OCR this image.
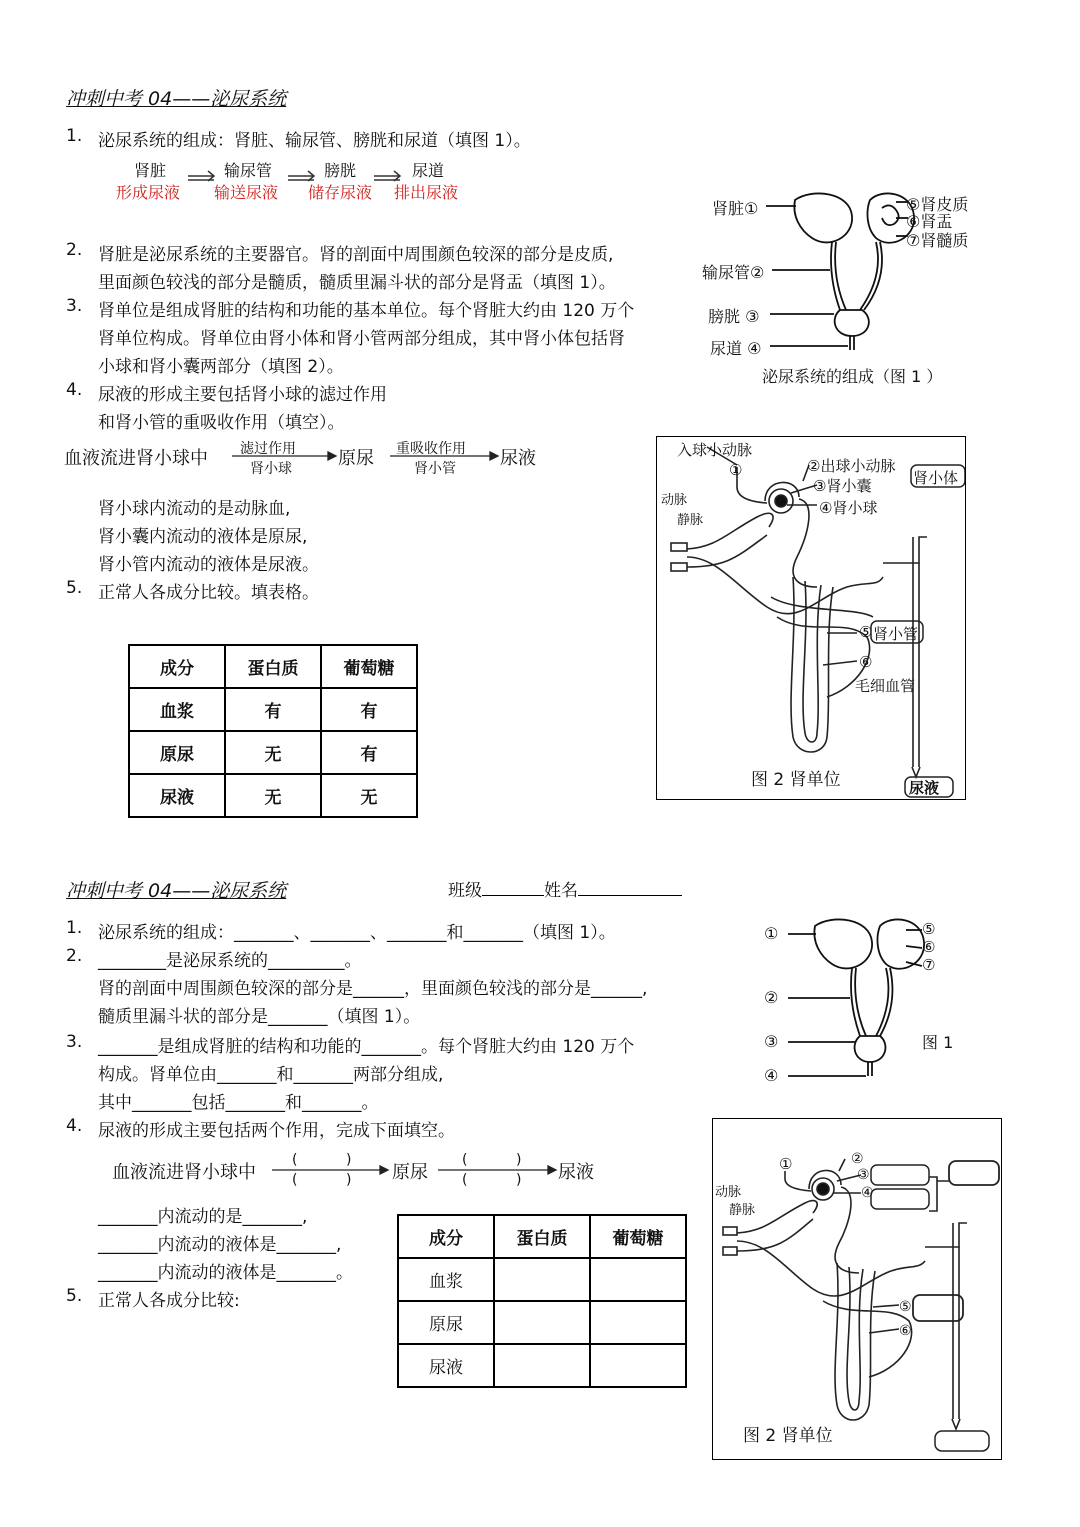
冲刺中考 04——泌尿系统
1. 泌尿系统的组成：肾脏、输尿管、膀胱和尿道（填图 1）。
肾脏	输尿管	膀胱	尿道
形成尿液 输送尿液 储存尿液 排出尿液
2. 肾脏是泌尿系统的主要器官。肾的剖面中周围颜色较深的部分是皮质,
里面颜色较浅的部分是髓质，髓质里漏斗状的部分是肾盂（填图 1）。
3. 肾单位是组成肾脏的结构和功能的基本单位。每个肾脏大约由 120 万个
肾单位构成。肾单位由肾小体和肾小管两部分组成，其中肾小体包括肾
小球和肾小囊两部分（填图 2）。
4. 尿液的形成主要包括肾小球的滤过作用
和肾小管的重吸收作用（填空）。
血液流进肾小球中 滤过作用
肾小球	原尿 重吸收作用
肾小管 尿液
肾小球内流动的是动脉血,
肾小囊内流动的液体是原尿,
肾小管内流动的液体是尿液。
5. 正常人各成分比较。填表格。
成分	蛋白质	葡萄糖
血浆	有	有
原尿	无	有
尿液	无	无
肾脏①
输尿管②
膀胱 ③
尿道 ④
⑤肾皮质
⑥肾盂
⑦肾髓质
泌尿系统的组成（图 1 ）
入球小动脉
①	②出球小动脉
③肾小囊
④肾小球
肾小体
动脉
静脉
⑤ 肾小管
⑥
毛细血管
尿液
图 2 肾单位
冲刺中考 04——泌尿系统	班级	姓名
1. 泌尿系统的组成：_______、_______、_______和_______（填图 1）。
2. ________是泌尿系统的_________。
肾的剖面中周围颜色较深的部分是______，里面颜色较浅的部分是______,
髓质里漏斗状的部分是_______（填图 1）。
3. _______是组成肾脏的结构和功能的_______。每个肾脏大约由 120 万个
构成。肾单位由_______和_______两部分组成,
其中_______包括_______和_______。
4. 尿液的形成主要包括两个作用，完成下面填空。
血液流进肾小球中
(	)
(	) 原尿
(	)
(	) 尿液
_______内流动的是_______,
_______内流动的液体是_______,
_______内流动的液体是_______。
5. 正常人各成分比较:
成分	蛋白质	葡萄糖
血浆		
原尿		
尿液		
①
②
③
④
⑤
⑥
⑦
图 1
①	②
③
④
动脉
静脉
⑤
⑥
图 2 肾单位
